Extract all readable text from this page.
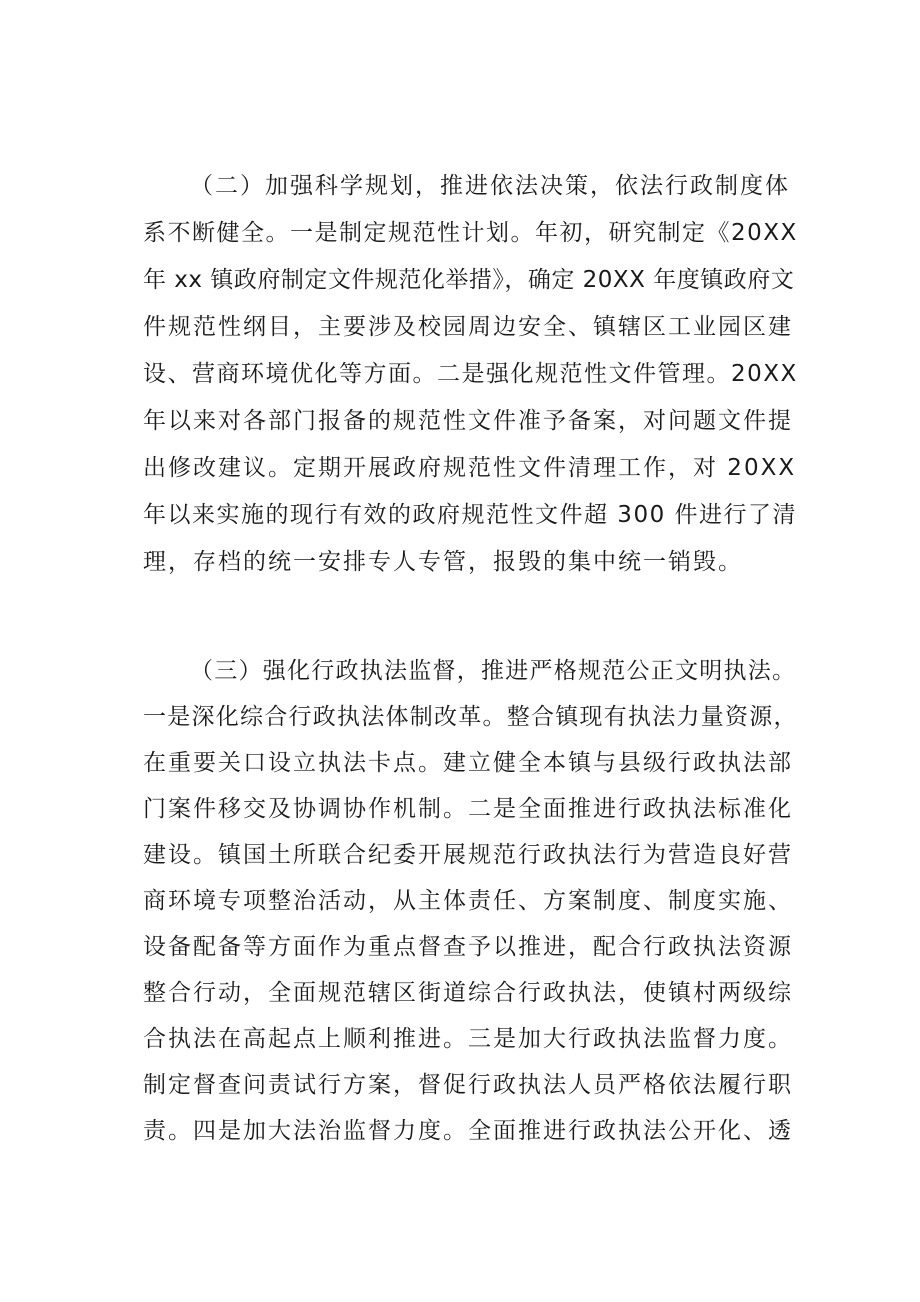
（二）加强科学规划，推进依法决策，依法行政制度体
系不断健全。一是制定规范性计划。年初，研究制定《20XX
年 xx 镇政府制定文件规范化举措》，确定 20XX 年度镇政府文
件规范性纲目，主要涉及校园周边安全、镇辖区工业园区建
设、营商环境优化等方面。二是强化规范性文件管理。20XX
年以来对各部门报备的规范性文件准予备案，对问题文件提
出修改建议。定期开展政府规范性文件清理工作，对 20XX
年以来实施的现行有效的政府规范性文件超 300 件进行了清
理，存档的统一安排专人专管，报毁的集中统一销毁。
（三）强化行政执法监督，推进严格规范公正文明执法。
一是深化综合行政执法体制改革。整合镇现有执法力量资源，
在重要关口设立执法卡点。建立健全本镇与县级行政执法部
门案件移交及协调协作机制。二是全面推进行政执法标准化
建设。镇国土所联合纪委开展规范行政执法行为营造良好营
商环境专项整治活动，从主体责任、方案制度、制度实施、
设备配备等方面作为重点督查予以推进，配合行政执法资源
整合行动，全面规范辖区街道综合行政执法，使镇村两级综
合执法在高起点上顺利推进。三是加大行政执法监督力度。
制定督查问责试行方案，督促行政执法人员严格依法履行职
责。四是加大法治监督力度。全面推进行政执法公开化、透
